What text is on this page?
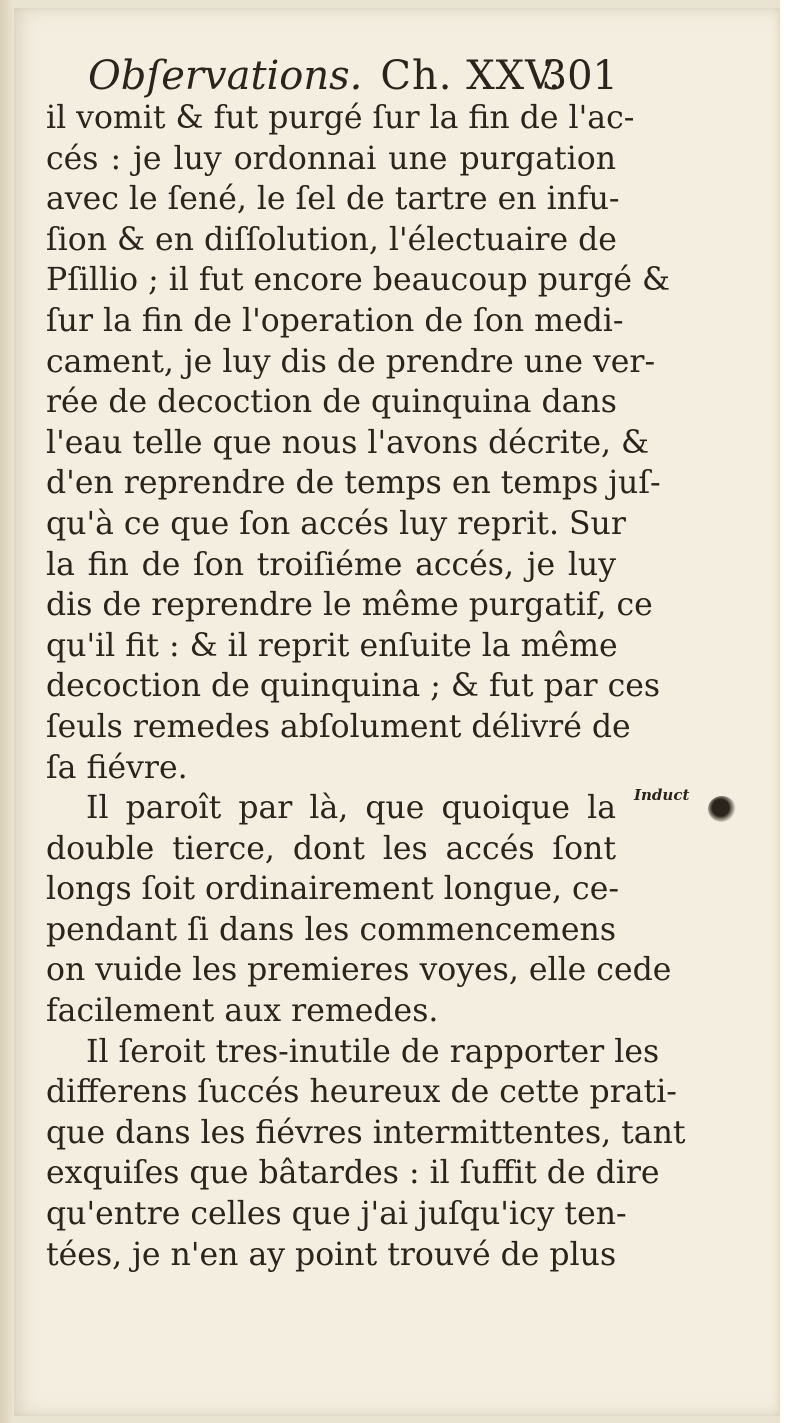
Obſervations. Ch. XXV.
301
il vomit & fut purgé ſur la fin de l'ac-
cés : je luy ordonnai une purgation
avec le ſené, le ſel de tartre en infu-
ſion & en diſſolution, l'électuaire de
Pſillio ; il fut encore beaucoup purgé &
ſur la fin de l'operation de ſon medi-
cament, je luy dis de prendre une ver-
rée de decoction de quinquina dans
l'eau telle que nous l'avons décrite, &
d'en reprendre de temps en temps juſ-
qu'à ce que ſon accés luy reprit. Sur
la fin de ſon troiſiéme accés, je luy
dis de reprendre le même purgatif, ce
qu'il fit : & il reprit enſuite la même
decoction de quinquina ; & fut par ces
ſeuls remedes abſolument délivré de
ſa fiévre.
Il paroît par là, que quoique la
double tierce, dont les accés ſont
longs ſoit ordinairement longue, ce-
pendant ſi dans les commencemens
on vuide les premieres voyes, elle cede
facilement aux remedes.
Il ſeroit tres-inutile de rapporter les
differens ſuccés heureux de cette prati-
que dans les fiévres intermittentes, tant
exquiſes que bâtardes : il ſuffit de dire
qu'entre celles que j'ai juſqu'icy ten-
tées, je n'en ay point trouvé de plus
Induct
